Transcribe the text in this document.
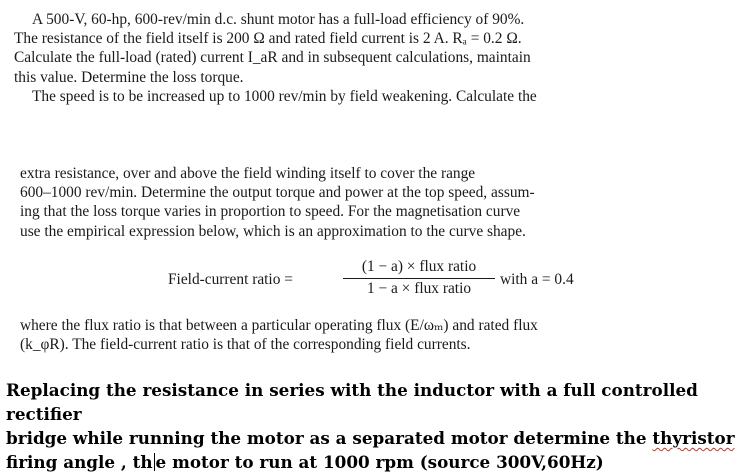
A 500-V, 60-hp, 600-rev/min d.c. shunt motor has a full-load efficiency of 90%.

The resistance of the field itself is 200 Ω and rated field current is 2 A. Rₐ = 0.2 Ω.

Calculate the full-load (rated) current I_aR and in subsequent calculations, maintain

this value. Determine the loss torque.

The speed is to be increased up to 1000 rev/min by field weakening. Calculate the

extra resistance, over and above the field winding itself to cover the range
600–1000 rev/min. Determine the output torque and power at the top speed, assum-
ing that the loss torque varies in proportion to speed. For the magnetisation curve
use the empirical expression below, which is an approximation to the curve shape.
Field-current ratio =
(1 − a) × flux ratio
1 − a × flux ratio
with a = 0.4
where the flux ratio is that between a particular operating flux (E/ωₘ) and rated flux
(k_φR). The field-current ratio is that of the corresponding field currents.
Replacing the resistance in series with the inductor with a full controlled rectifier
bridge while running the motor as a separated motor determine the thyristor
firing angle , th e motor to run at 1000 rpm (source 300V,60Hz)
